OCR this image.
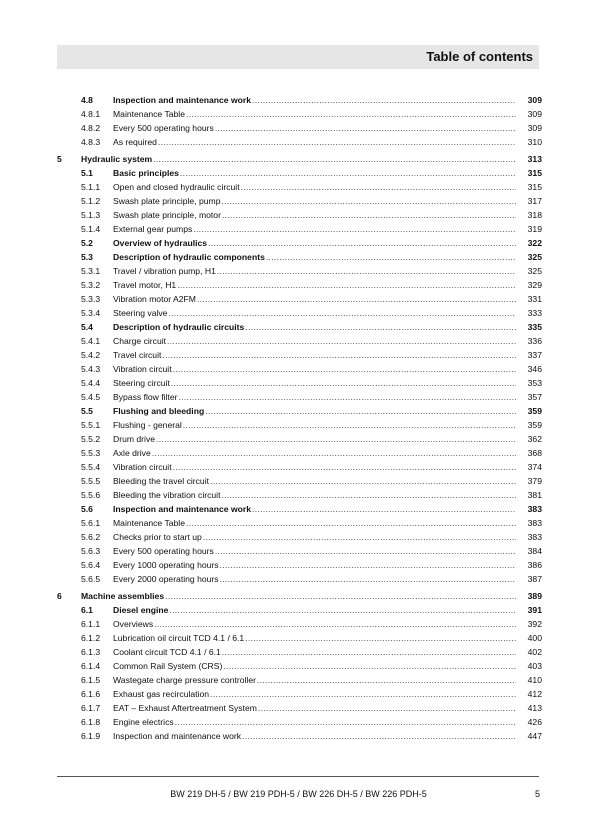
Table of contents
4.8	Inspection and maintenance work .....	309
4.8.1	Maintenance Table .....	309
4.8.2	Every 500 operating hours .....	309
4.8.3	As required .....	310
5	Hydraulic system .....	313
5.1	Basic principles .....	315
5.1.1	Open and closed hydraulic circuit .....	315
5.1.2	Swash plate principle, pump .....	317
5.1.3	Swash plate principle, motor .....	318
5.1.4	External gear pumps .....	319
5.2	Overview of hydraulics .....	322
5.3	Description of hydraulic components .....	325
5.3.1	Travel / vibration pump, H1 .....	325
5.3.2	Travel motor, H1 .....	329
5.3.3	Vibration motor A2FM .....	331
5.3.4	Steering valve .....	333
5.4	Description of hydraulic circuits .....	335
5.4.1	Charge circuit .....	336
5.4.2	Travel circuit .....	337
5.4.3	Vibration circuit .....	346
5.4.4	Steering circuit .....	353
5.4.5	Bypass flow filter .....	357
5.5	Flushing and bleeding .....	359
5.5.1	Flushing - general .....	359
5.5.2	Drum drive .....	362
5.5.3	Axle drive .....	368
5.5.4	Vibration circuit .....	374
5.5.5	Bleeding the travel circuit .....	379
5.5.6	Bleeding the vibration circuit .....	381
5.6	Inspection and maintenance work .....	383
5.6.1	Maintenance Table .....	383
5.6.2	Checks prior to start up .....	383
5.6.3	Every 500 operating hours .....	384
5.6.4	Every 1000 operating hours .....	386
5.6.5	Every 2000 operating hours .....	387
6	Machine assemblies .....	389
6.1	Diesel engine .....	391
6.1.1	Overviews .....	392
6.1.2	Lubrication oil circuit TCD 4.1 / 6.1 .....	400
6.1.3	Coolant circuit TCD 4.1 / 6.1 .....	402
6.1.4	Common Rail System (CRS) .....	403
6.1.5	Wastegate charge pressure controller .....	410
6.1.6	Exhaust gas recirculation .....	412
6.1.7	EAT – Exhaust Aftertreatment System .....	413
6.1.8	Engine electrics .....	426
6.1.9	Inspection and maintenance work .....	447
BW 219 DH-5 / BW 219 PDH-5 / BW 226 DH-5 / BW 226 PDH-5	5
